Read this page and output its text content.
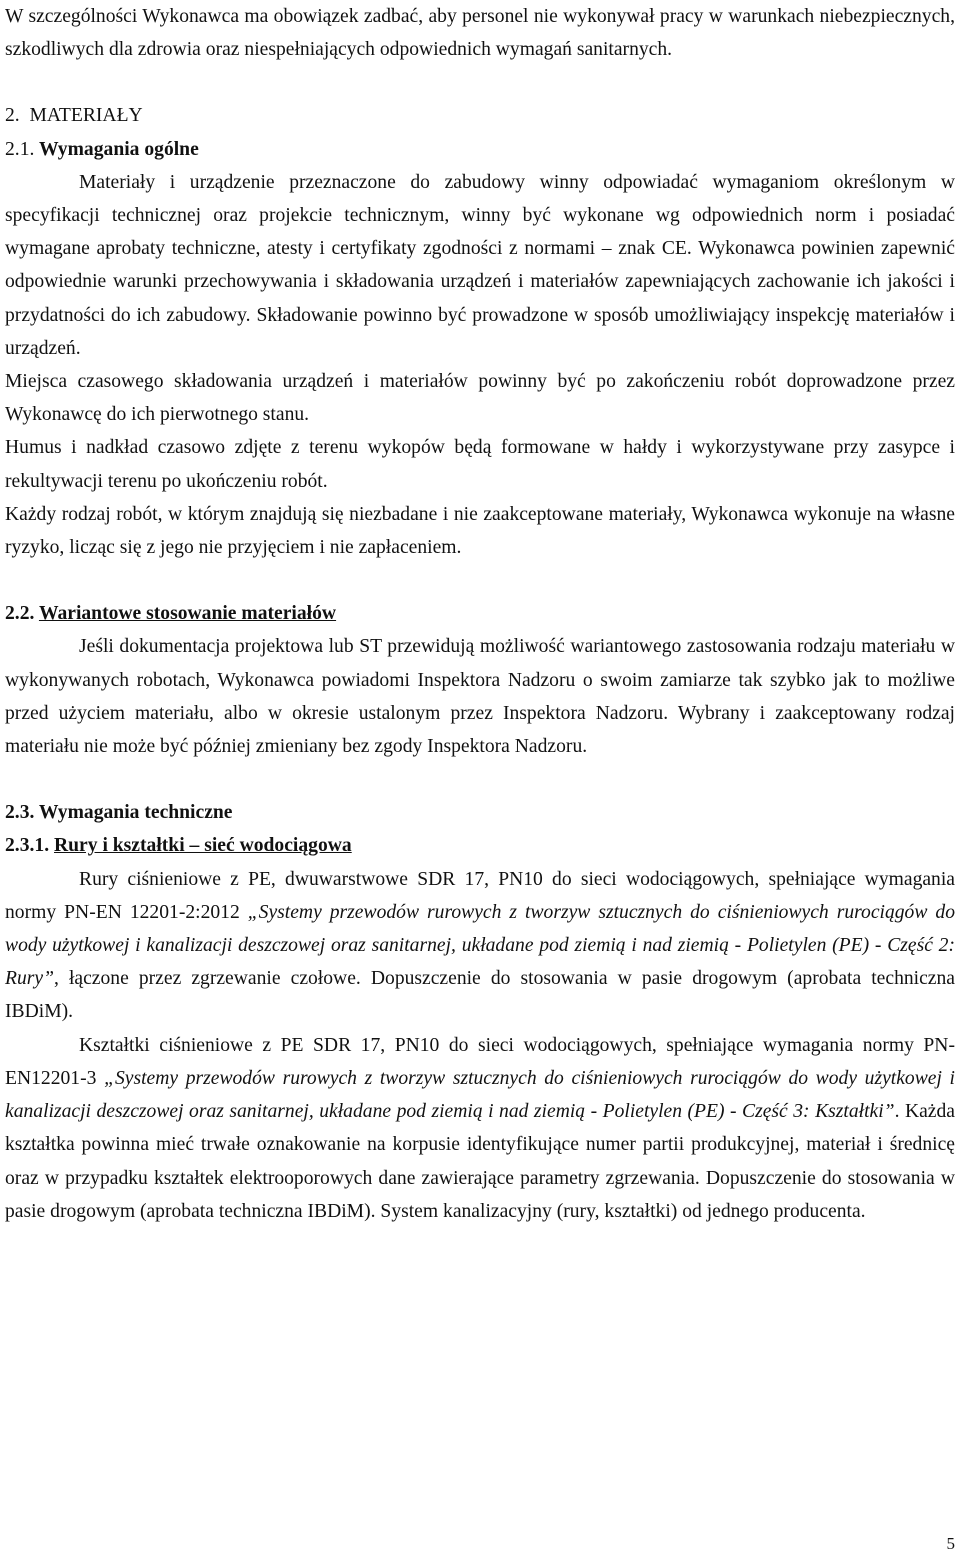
W szczególności Wykonawca ma obowiązek zadbać, aby personel nie wykonywał pracy w warunkach niebezpiecznych, szkodliwych dla zdrowia oraz niespełniających odpowiednich wymagań sanitarnych.

2.  MATERIAŁY

2.1. Wymagania ogólne

Materiały i urządzenie przeznaczone do zabudowy winny odpowiadać wymaganiom określonym w specyfikacji technicznej oraz projekcie technicznym, winny być wykonane wg odpowiednich norm i posiadać wymagane aprobaty techniczne, atesty i certyfikaty zgodności z normami – znak CE. Wykonawca powinien zapewnić odpowiednie warunki przechowywania i składowania urządzeń i materiałów zapewniających zachowanie ich jakości i przydatności do ich zabudowy. Składowanie powinno być prowadzone w sposób umożliwiający inspekcję materiałów i urządzeń.

Miejsca czasowego składowania urządzeń i materiałów powinny być po zakończeniu robót doprowadzone przez Wykonawcę do ich pierwotnego stanu.

Humus i nadkład czasowo zdjęte z terenu wykopów będą formowane w hałdy i wykorzystywane przy zasypce i rekultywacji terenu po ukończeniu robót.

Każdy rodzaj robót, w którym znajdują się niezbadane i nie zaakceptowane materiały, Wykonawca wykonuje na własne ryzyko, licząc się z jego nie przyjęciem i nie zapłaceniem.

2.2. Wariantowe stosowanie materiałów

Jeśli dokumentacja projektowa lub ST przewidują możliwość wariantowego zastosowania rodzaju materiału w wykonywanych robotach, Wykonawca powiadomi Inspektora Nadzoru o swoim zamiarze tak szybko jak to możliwe przed użyciem materiału, albo w okresie ustalonym przez Inspektora Nadzoru. Wybrany i zaakceptowany rodzaj materiału nie może być później zmieniany bez zgody Inspektora Nadzoru.

2.3. Wymagania techniczne

2.3.1. Rury i kształtki – sieć wodociągowa

Rury ciśnieniowe z PE, dwuwarstwowe SDR 17, PN10 do sieci wodociągowych, spełniające wymagania normy PN-EN 12201-2:2012 „Systemy przewodów rurowych z tworzyw sztucznych do ciśnieniowych rurociągów do wody użytkowej i kanalizacji deszczowej oraz sanitarnej, układane pod ziemią i nad ziemią - Polietylen (PE) - Część 2: Rury”, łączone przez zgrzewanie czołowe. Dopuszczenie do stosowania w pasie drogowym (aprobata techniczna IBDiM).

Kształtki ciśnieniowe z PE SDR 17, PN10 do sieci wodociągowych, spełniające wymagania normy PN-EN12201-3 „Systemy przewodów rurowych z tworzyw sztucznych do ciśnieniowych rurociągów do wody użytkowej i kanalizacji deszczowej oraz sanitarnej, układane pod ziemią i nad ziemią - Polietylen (PE) - Część 3: Kształtki”. Każda kształtka powinna mieć trwałe oznakowanie na korpusie identyfikujące numer partii produkcyjnej, materiał i średnicę oraz w przypadku kształtek elektrooporowych dane zawierające parametry zgrzewania. Dopuszczenie do stosowania w pasie drogowym (aprobata techniczna IBDiM). System kanalizacyjny (rury, kształtki) od jednego producenta.

5
